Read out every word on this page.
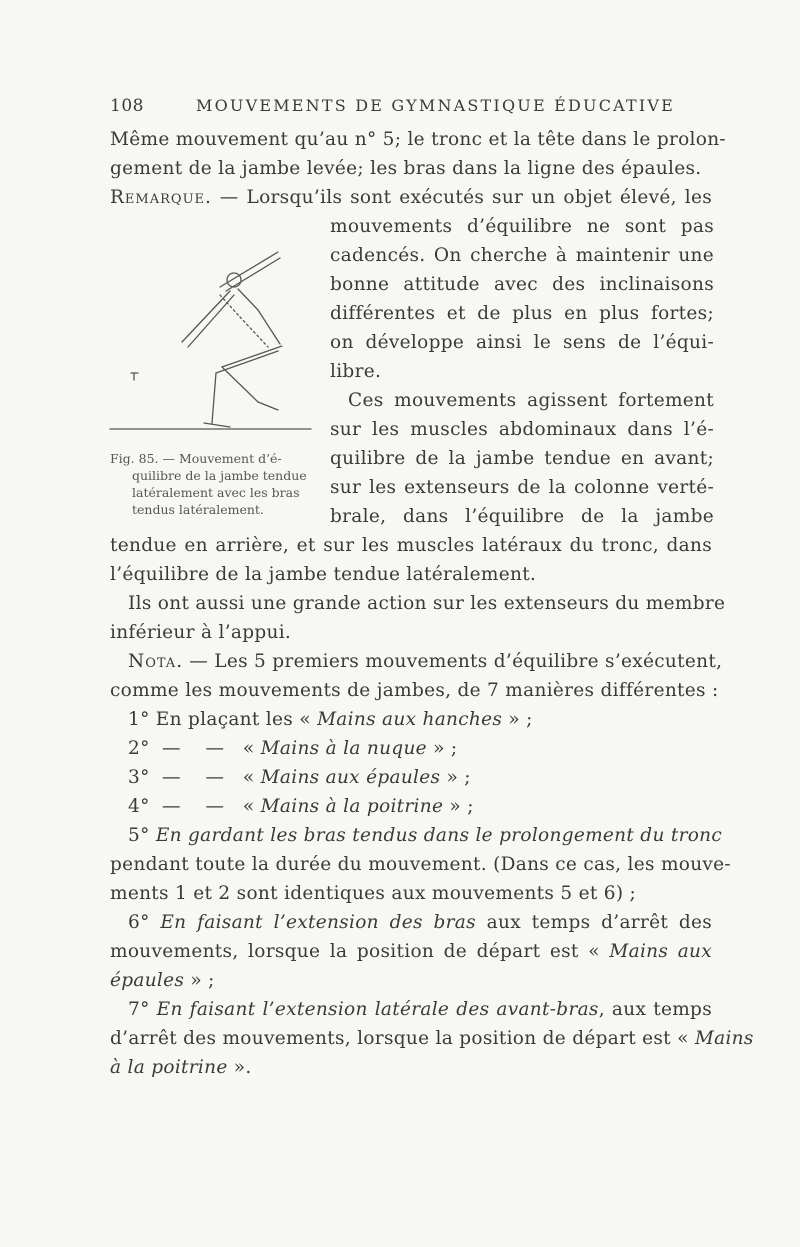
108	MOUVEMENTS DE GYMNASTIQUE ÉDUCATIVE
Même mouvement qu’au n° 5; le tronc et la tête dans le prolon-
gement de la jambe levée; les bras dans la ligne des épaules.
Remarque. — Lorsqu’ils sont exécutés sur un objet élevé, les
mouvements d’équilibre ne sont pas
cadencés. On cherche à maintenir une
bonne attitude avec des inclinaisons
différentes et de plus en plus fortes;
on développe ainsi le sens de l’équi-
libre.
Ces mouvements agissent fortement
sur les muscles abdominaux dans l’é-
quilibre de la jambe tendue en avant;
sur les extenseurs de la colonne verté-
brale, dans l’équilibre de la jambe
tendue en arrière, et sur les muscles latéraux du tronc, dans
l’équilibre de la jambe tendue latéralement.
Ils ont aussi une grande action sur les extenseurs du membre
inférieur à l’appui.
Fig. 85. — Mouvement d’é-
quilibre de la jambe tendue
latéralement avec les bras
tendus latéralement.
Nota. — Les 5 premiers mouvements d’équilibre s’exécutent,
comme les mouvements de jambes, de 7 manières différentes :
1° En plaçant les « Mains aux hanches » ;
2°  —    —   « Mains à la nuque » ;
3°  —    —   « Mains aux épaules » ;
4°  —    —   « Mains à la poitrine » ;
5° En gardant les bras tendus dans le prolongement du tronc
pendant toute la durée du mouvement. (Dans ce cas, les mouve-
ments 1 et 2 sont identiques aux mouvements 5 et 6) ;
6° En faisant l’extension des bras aux temps d’arrêt des
mouvements, lorsque la position de départ est « Mains aux
épaules » ;
7° En faisant l’extension latérale des avant-bras, aux temps
d’arrêt des mouvements, lorsque la position de départ est « Mains
à la poitrine ».
